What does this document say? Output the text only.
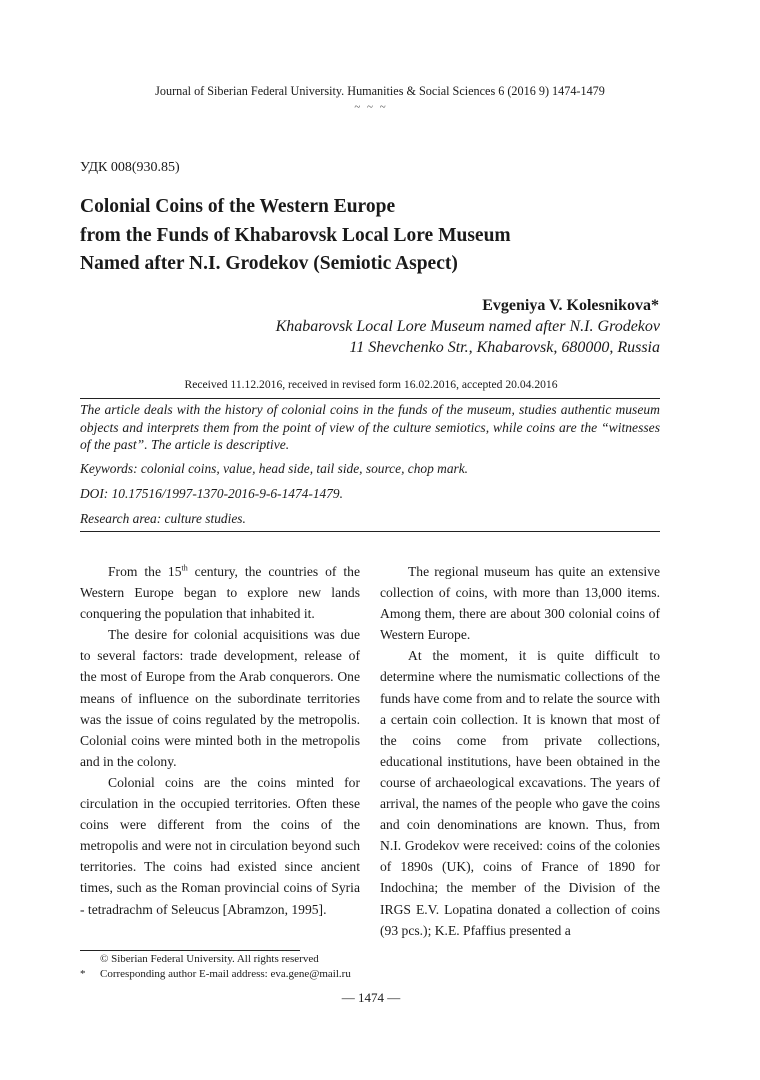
Journal of Siberian Federal University. Humanities & Social Sciences 6 (2016 9) 1474-1479
~ ~ ~
УДК 008(930.85)
Colonial Coins of the Western Europe
from the Funds of Khabarovsk Local Lore Museum
Named after N.I. Grodekov (Semiotic Aspect)
Evgeniya V. Kolesnikova*
Khabarovsk Local Lore Museum named after N.I. Grodekov
11 Shevchenko Str., Khabarovsk, 680000, Russia
Received 11.12.2016, received in revised form 16.02.2016, accepted 20.04.2016

The article deals with the history of colonial coins in the funds of the museum, studies authentic museum objects and interprets them from the point of view of the culture semiotics, while coins are the “witnesses of the past”. The article is descriptive.

Keywords: colonial coins, value, head side, tail side, source, chop mark.
DOI: 10.17516/1997-1370-2016-9-6-1474-1479.
Research area: culture studies.

From the 15th century, the countries of the Western Europe began to explore new lands conquering the population that inhabited it.

The desire for colonial acquisitions was due to several factors: trade development, release of the most of Europe from the Arab conquerors. One means of influence on the subordinate territories was the issue of coins regulated by the metropolis. Colonial coins were minted both in the metropolis and in the colony.

Colonial coins are the coins minted for circulation in the occupied territories. Often these coins were different from the coins of the metropolis and were not in circulation beyond such territories. The coins had existed since ancient times, such as the Roman provincial coins of Syria - tetradrachm of Seleucus [Abramzon, 1995].

The regional museum has quite an extensive collection of coins, with more than 13,000 items. Among them, there are about 300 colonial coins of Western Europe.

At the moment, it is quite difficult to determine where the numismatic collections of the funds have come from and to relate the source with a certain coin collection. It is known that most of the coins come from private collections, educational institutions, have been obtained in the course of archaeological excavations. The years of arrival, the names of the people who gave the coins and coin denominations are known. Thus, from N.I. Grodekov were received: coins of the colonies of 1890s (UK), coins of France of 1890 for Indochina; the member of the Division of the IRGS E.V. Lopatina donated a collection of coins (93 pcs.); K.E. Pfaffius presented a

© Siberian Federal University. All rights reserved
* Corresponding author E-mail address: eva.gene@mail.ru
— 1474 —
